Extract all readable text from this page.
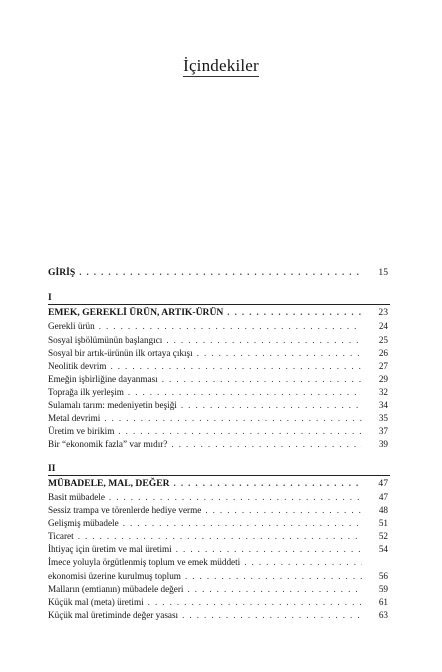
İçindekiler
GİRİŞ . . .	15
I
EMEK, GEREKLİ ÜRÜN, ARTIK-ÜRÜN . . .	23
Gerekli ürün . . .	24
Sosyal işbölümünün başlangıcı . . .	25
Sosyal bir artık-ürünün ilk ortaya çıkışı . . .	26
Neolitik devrim . . .	27
Emeğin işbirliğine dayanması . . .	29
Toprağa ilk yerleşim . . .	32
Sulamalı tarım: medeniyetin beşiği . . .	34
Metal devrimi . . .	35
Üretim ve birikim . . .	37
Bir “ekonomik fazla” var mıdır? . . .	39
II
MÜBADELE, MAL, DEĞER . . .	47
Basit mübadele . . .	47
Sessiz trampa ve törenlerde hediye verme . . .	48
Gelişmiş mübadele . . .	51
Ticaret . . .	52
İhtiyaç için üretim ve mal üretimi . . .	54
İmece yoluyla örgütlenmiş toplum ve emek müddeti
. . .
ekonomisi üzerine kurulmuş toplum . . .	56
Malların (emtianın) mübadele değeri . . .	59
Küçük mal (meta) üretimi . . .	61
Küçük mal üretiminde değer yasası . . .	63
